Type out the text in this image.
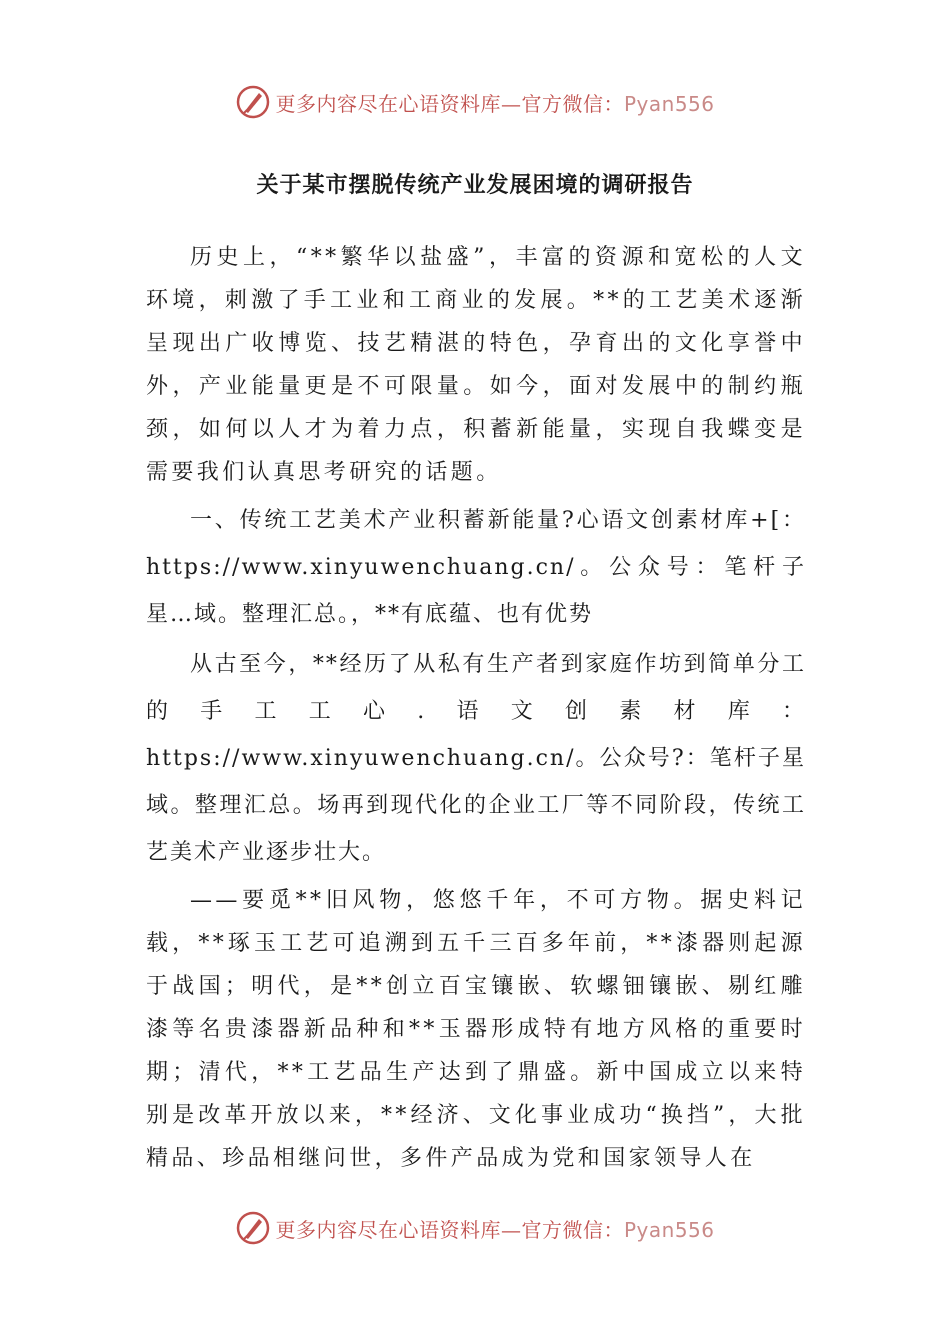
更多内容尽在心语资料库—官方微信：Pyan556
关于某市摆脱传统产业发展困境的调研报告

历史上，“**繁华以盐盛”，丰富的资源和宽松的人文环境，刺激了手工业和工商业的发展。**的工艺美术逐渐呈现出广收博览、技艺精湛的特色，孕育出的文化享誉中外，产业能量更是不可限量。如今，面对发展中的制约瓶颈，如何以人才为着力点，积蓄新能量，实现自我蝶变是需要我们认真思考研究的话题。

一、传统工艺美术产业积蓄新能量?心语文创素材库+[：https://www.xinyuwenchuang.cn/。公众号：笔杆子星…域。整理汇总。，**有底蕴、也有优势

从古至今，**经历了从私有生产者到家庭作坊到简单分工的手工工心.语文创素材库：https://www.xinyuwenchuang.cn/。公众号?：笔杆子星域。整理汇总。场再到现代化的企业工厂等不同阶段，传统工艺美术产业逐步壮大。

——要觅**旧风物，悠悠千年，不可方物。据史料记载，**琢玉工艺可追溯到五千三百多年前，**漆器则起源于战国；明代，是**创立百宝镶嵌、软螺钿镶嵌、剔红雕漆等名贵漆器新品种和**玉器形成特有地方风格的重要时期；清代，**工艺品生产达到了鼎盛。新中国成立以来特别是改革开放以来，**经济、文化事业成功“换挡”，大批精品、珍品相继问世，多件产品成为党和国家领导人在

更多内容尽在心语资料库—官方微信：Pyan556
